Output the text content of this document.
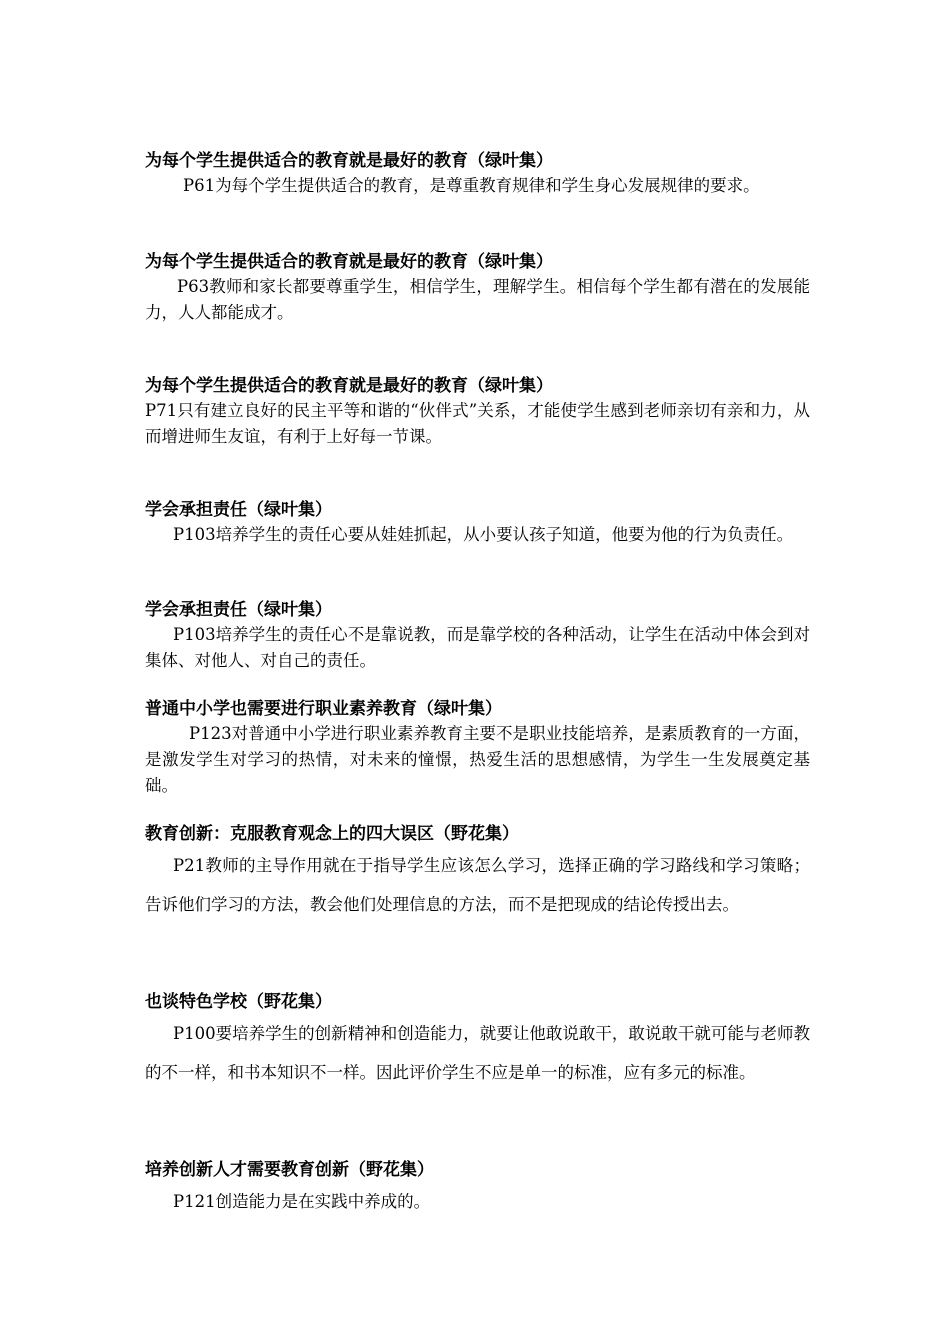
为每个学生提供适合的教育就是最好的教育（绿叶集）

P61为每个学生提供适合的教育，是尊重教育规律和学生身心发展规律的要求。

为每个学生提供适合的教育就是最好的教育（绿叶集）

P63教师和家长都要尊重学生，相信学生，理解学生。相信每个学生都有潜在的发展能力，人人都能成才。

为每个学生提供适合的教育就是最好的教育（绿叶集）

P71只有建立良好的民主平等和谐的“伙伴式”关系，才能使学生感到老师亲切有亲和力，从而增进师生友谊，有利于上好每一节课。

学会承担责任（绿叶集）

P103培养学生的责任心要从娃娃抓起，从小要认孩子知道，他要为他的行为负责任。

学会承担责任（绿叶集）

P103培养学生的责任心不是靠说教，而是靠学校的各种活动，让学生在活动中体会到对集体、对他人、对自己的责任。

普通中小学也需要进行职业素养教育（绿叶集）

P123对普通中小学进行职业素养教育主要不是职业技能培养，是素质教育的一方面，是激发学生对学习的热情，对未来的憧憬，热爱生活的思想感情，为学生一生发展奠定基础。

教育创新：克服教育观念上的四大误区（野花集）

P21教师的主导作用就在于指导学生应该怎么学习，选择正确的学习路线和学习策略；告诉他们学习的方法，教会他们处理信息的方法，而不是把现成的结论传授出去。

也谈特色学校（野花集）

P100要培养学生的创新精神和创造能力，就要让他敢说敢干，敢说敢干就可能与老师教的不一样，和书本知识不一样。因此评价学生不应是单一的标准，应有多元的标准。

培养创新人才需要教育创新（野花集）

P121创造能力是在实践中养成的。
